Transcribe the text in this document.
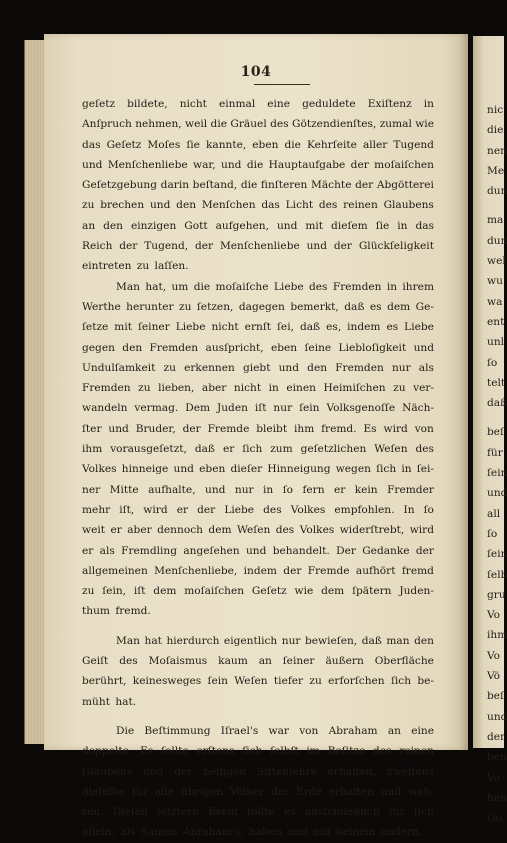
104
geſetz bildete, nicht einmal eine geduldete Exiſtenz in
Anſpruch nehmen, weil die Gräuel des Götzendienſtes, zumal wie
das Geſetz Moſes ſie kannte, eben die Kehrſeite aller Tugend
und Menſchenliebe war, und die Hauptaufgabe der moſaiſchen
Geſetzgebung darin beſtand, die finſteren Mächte der Abgötterei
zu brechen und den Menſchen das Licht des reinen Glaubens
an den einzigen Gott aufgehen, und mit dieſem ſie in das
Reich der Tugend, der Menſchenliebe und der Glückſeligkeit
eintreten zu laſſen.
Man hat, um die moſaiſche Liebe des Fremden in ihrem
Werthe herunter zu ſetzen, dagegen bemerkt, daß es dem Ge-
ſetze mit ſeiner Liebe nicht ernſt ſei, daß es, indem es Liebe
gegen den Fremden ausſpricht, eben ſeine Liebloſigkeit und
Undulſamkeit zu erkennen giebt und den Fremden nur als
Fremden zu lieben, aber nicht in einen Heimiſchen zu ver-
wandeln vermag. Dem Juden iſt nur ſein Volksgenoſſe Näch-
ſter und Bruder, der Fremde bleibt ihm fremd. Es wird von
ihm vorausgeſetzt, daß er ſich zum geſetzlichen Weſen des
Volkes hinneige und eben dieſer Hinneigung wegen ſich in ſei-
ner Mitte aufhalte, und nur in ſo fern er kein Fremder
mehr iſt, wird er der Liebe des Volkes empfohlen. In ſo
weit er aber dennoch dem Weſen des Volkes widerſtrebt, wird
er als Fremdling angeſehen und behandelt. Der Gedanke der
allgemeinen Menſchenliebe, indem der Fremde aufhört fremd
zu ſein, iſt dem moſaiſchen Geſetz wie dem ſpätern Juden-
thum fremd.
Man hat hierdurch eigentlich nur bewieſen, daß man den
Geiſt des Moſaismus kaum an ſeiner äußern Oberfläche
berührt, keinesweges ſein Weſen tiefer zu erforſchen ſich be-
müht hat.
Die Beſtimmung Iſrael's war von Abraham an eine
doppelte. Es ſollte erſtens ſich ſelbſt im Beſitze des reinen
Glaubens und der heiligen Sittenlehre erhalten, zweitens
dieſelbe für alle übrigen Völker der Erde erhalten und wah-
ren. Dieſen letztern Beruf ſollte es ausſchließlich für ſich
allein, als Samen Abraham's, haben und mit keinem andern,
nic
die
nen
Me
dun
ma
dun
wel
wu
wa
ent
unl
ſo
telt
daß
beſ
für
ſein
und
all
ſo
ſein
ſelb
gru
Vo
ihm
Vo
Vö
beſ
und
der
ben
Vo
hen
Go
